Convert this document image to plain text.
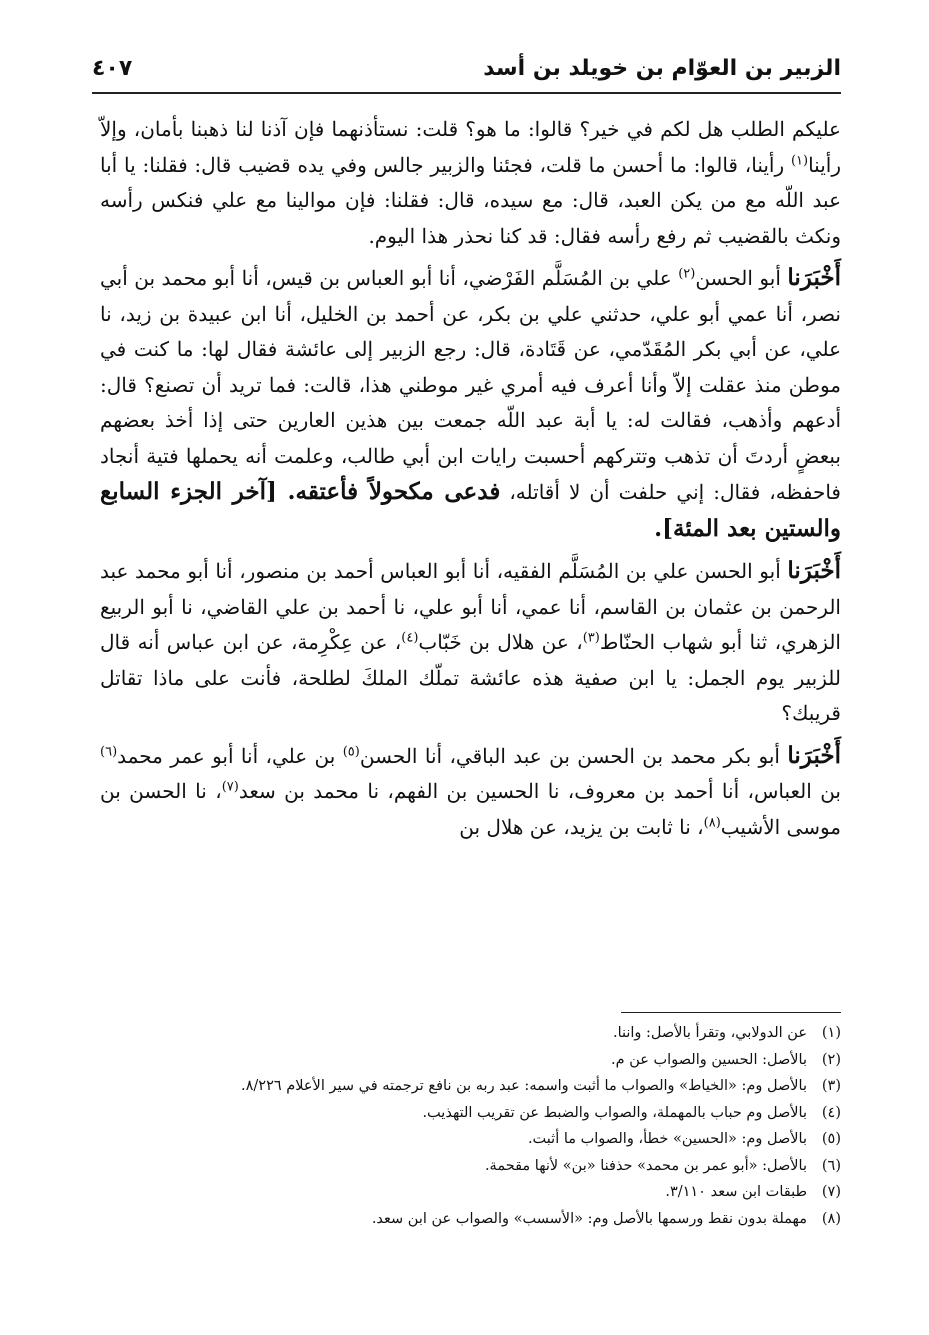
الزبير بن العوّام بن خويلد بن أسد
٤٠٧

عليكم الطلب هل لكم في خير؟ قالوا: ما هو؟ قلت: نستأذنهما فإن آذنا لنا ذهبنا بأمان، وإلاّ رأينا$^{(١)}$ رأينا، قالوا: ما أحسن ما قلت، فجئنا والزبير جالس وفي يده قضيب قال: فقلنا: يا أبا عبد اللّه مع من يكن العبد، قال: مع سيده، قال: فقلنا: فإن موالينا مع علي فنكس رأسه ونكث بالقضيب ثم رفع رأسه فقال: قد كنا نحذر هذا اليوم.

أَخْبَرَنا أبو الحسن$^{(٢)}$ علي بن المُسَلَّم الفَرْضي، أنا أبو العباس بن قيس، أنا أبو محمد بن أبي نصر، أنا عمي أبو علي، حدثني علي بن بكر، عن أحمد بن الخليل، أنا ابن عبيدة بن زيد، نا علي، عن أبي بكر المُقَدّمي، عن قَتَادة، قال: رجع الزبير إلى عائشة فقال لها: ما كنت في موطن منذ عقلت إلاّ وأنا أعرف فيه أمري غير موطني هذا، قالت: فما تريد أن تصنع؟ قال: أدعهم وأذهب، فقالت له: يا أبة عبد اللّه جمعت بين هذين العارين حتى إذا أخذ بعضهم ببعضٍ أردتَ أن تذهب وتتركهم أحسبت رايات ابن أبي طالب، وعلمت أنه يحملها فتية أنجاد فاحفظه، فقال: إني حلفت أن لا أقاتله، فدعى مكحولاً فأعتقه. [آخر الجزء السابع والستين بعد المئة].

أَخْبَرَنا أبو الحسن علي بن المُسَلَّم الفقيه، أنا أبو العباس أحمد بن منصور، أنا أبو محمد عبد الرحمن بن عثمان بن القاسم، أنا عمي، أنا أبو علي، نا أحمد بن علي القاضي، نا أبو الربيع الزهري، ثنا أبو شهاب الحنّاط$^{(٣)}$، عن هلال بن خَبّاب$^{(٤)}$، عن عِكْرِمة، عن ابن عباس أنه قال للزبير يوم الجمل: يا ابن صفية هذه عائشة تملّك الملكَ لطلحة، فأنت على ماذا تقاتل قريبك؟

أَخْبَرَنا أبو بكر محمد بن الحسن بن عبد الباقي، أنا الحسن$^{(٥)}$ بن علي، أنا أبو عمر محمد$^{(٦)}$ بن العباس، أنا أحمد بن معروف، نا الحسين بن الفهم، نا محمد بن سعد$^{(٧)}$، نا الحسن بن موسى الأشيب$^{(٨)}$، نا ثابت بن يزيد، عن هلال بن

(١)عن الدولابي، وتقرأ بالأصل: واننا.
(٢)بالأصل: الحسين والصواب عن م.
(٣)بالأصل وم: «الخياط» والصواب ما أثبت واسمه: عبد ربه بن نافع ترجمته في سير الأعلام ٨/٢٢٦.
(٤)بالأصل وم حباب بالمهملة، والصواب والضبط عن تقريب التهذيب.
(٥)بالأصل وم: «الحسين» خطأ، والصواب ما أثبت.
(٦)بالأصل: «أبو عمر بن محمد» حذفنا «بن» لأنها مقحمة.
(٧)طبقات ابن سعد ٣/١١٠.
(٨)مهملة بدون نقط ورسمها بالأصل وم: «الأسسب» والصواب عن ابن سعد.
